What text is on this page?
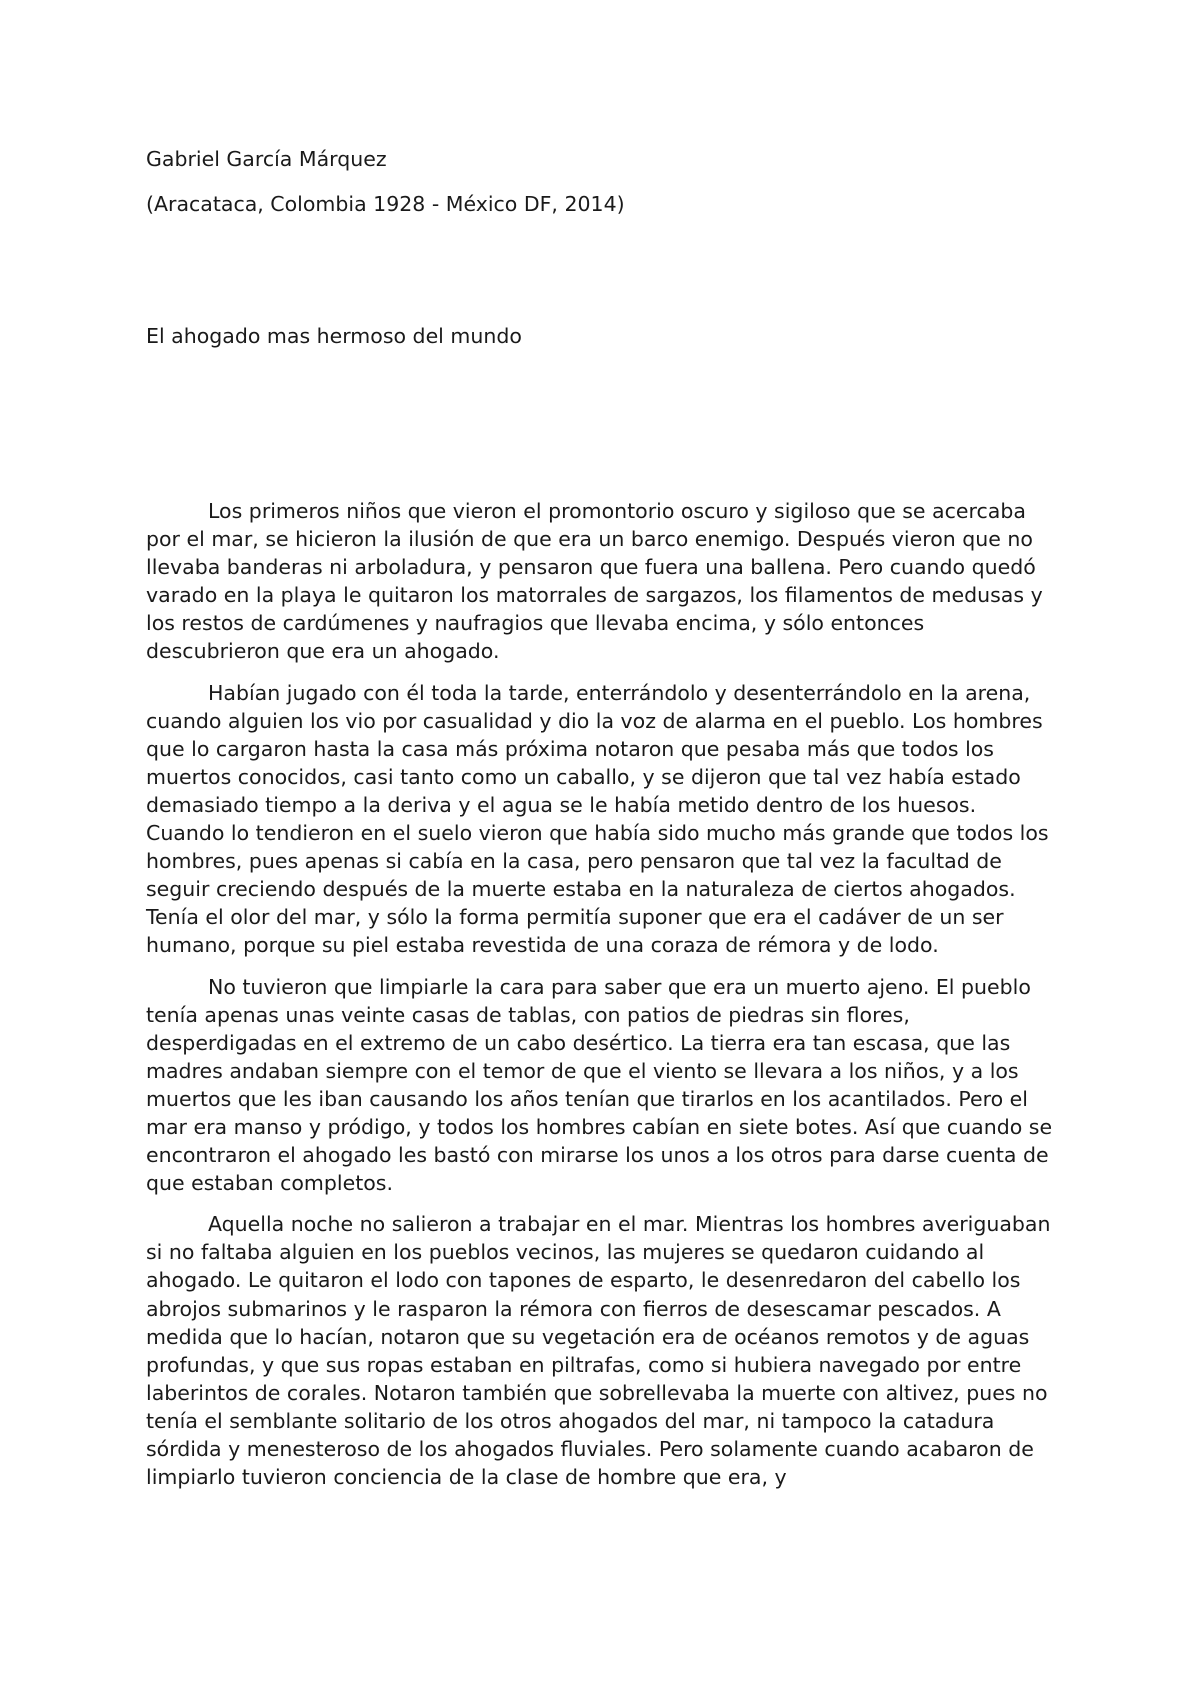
Gabriel García Márquez

(Aracataca, Colombia 1928 - México DF, 2014)

El ahogado mas hermoso del mundo

Los primeros niños que vieron el promontorio oscuro y sigiloso que se acercaba por el mar, se hicieron la ilusión de que era un barco enemigo. Después vieron que no llevaba banderas ni arboladura, y pensaron que fuera una ballena. Pero cuando quedó varado en la playa le quitaron los matorrales de sargazos, los filamentos de medusas y los restos de cardúmenes y naufragios que llevaba encima, y sólo entonces descubrieron que era un ahogado.

Habían jugado con él toda la tarde, enterrándolo y desenterrándolo en la arena, cuando alguien los vio por casualidad y dio la voz de alarma en el pueblo. Los hombres que lo cargaron hasta la casa más próxima notaron que pesaba más que todos los muertos conocidos, casi tanto como un caballo, y se dijeron que tal vez había estado demasiado tiempo a la deriva y el agua se le había metido dentro de los huesos. Cuando lo tendieron en el suelo vieron que había sido mucho más grande que todos los hombres, pues apenas si cabía en la casa, pero pensaron que tal vez la facultad de seguir creciendo después de la muerte estaba en la naturaleza de ciertos ahogados. Tenía el olor del mar, y sólo la forma permitía suponer que era el cadáver de un ser humano, porque su piel estaba revestida de una coraza de rémora y de lodo.

No tuvieron que limpiarle la cara para saber que era un muerto ajeno. El pueblo tenía apenas unas veinte casas de tablas, con patios de piedras sin flores, desperdigadas en el extremo de un cabo desértico. La tierra era tan escasa, que las madres andaban siempre con el temor de que el viento se llevara a los niños, y a los muertos que les iban causando los años tenían que tirarlos en los acantilados. Pero el mar era manso y pródigo, y todos los hombres cabían en siete botes. Así que cuando se encontraron el ahogado les bastó con mirarse los unos a los otros para darse cuenta de que estaban completos.

Aquella noche no salieron a trabajar en el mar. Mientras los hombres averiguaban si no faltaba alguien en los pueblos vecinos, las mujeres se quedaron cuidando al ahogado. Le quitaron el lodo con tapones de esparto, le desenredaron del cabello los abrojos submarinos y le rasparon la rémora con fierros de desescamar pescados. A medida que lo hacían, notaron que su vegetación era de océanos remotos y de aguas profundas, y que sus ropas estaban en piltrafas, como si hubiera navegado por entre laberintos de corales. Notaron también que sobrellevaba la muerte con altivez, pues no tenía el semblante solitario de los otros ahogados del mar, ni tampoco la catadura sórdida y menesteroso de los ahogados fluviales. Pero solamente cuando acabaron de limpiarlo tuvieron conciencia de la clase de hombre que era, y
